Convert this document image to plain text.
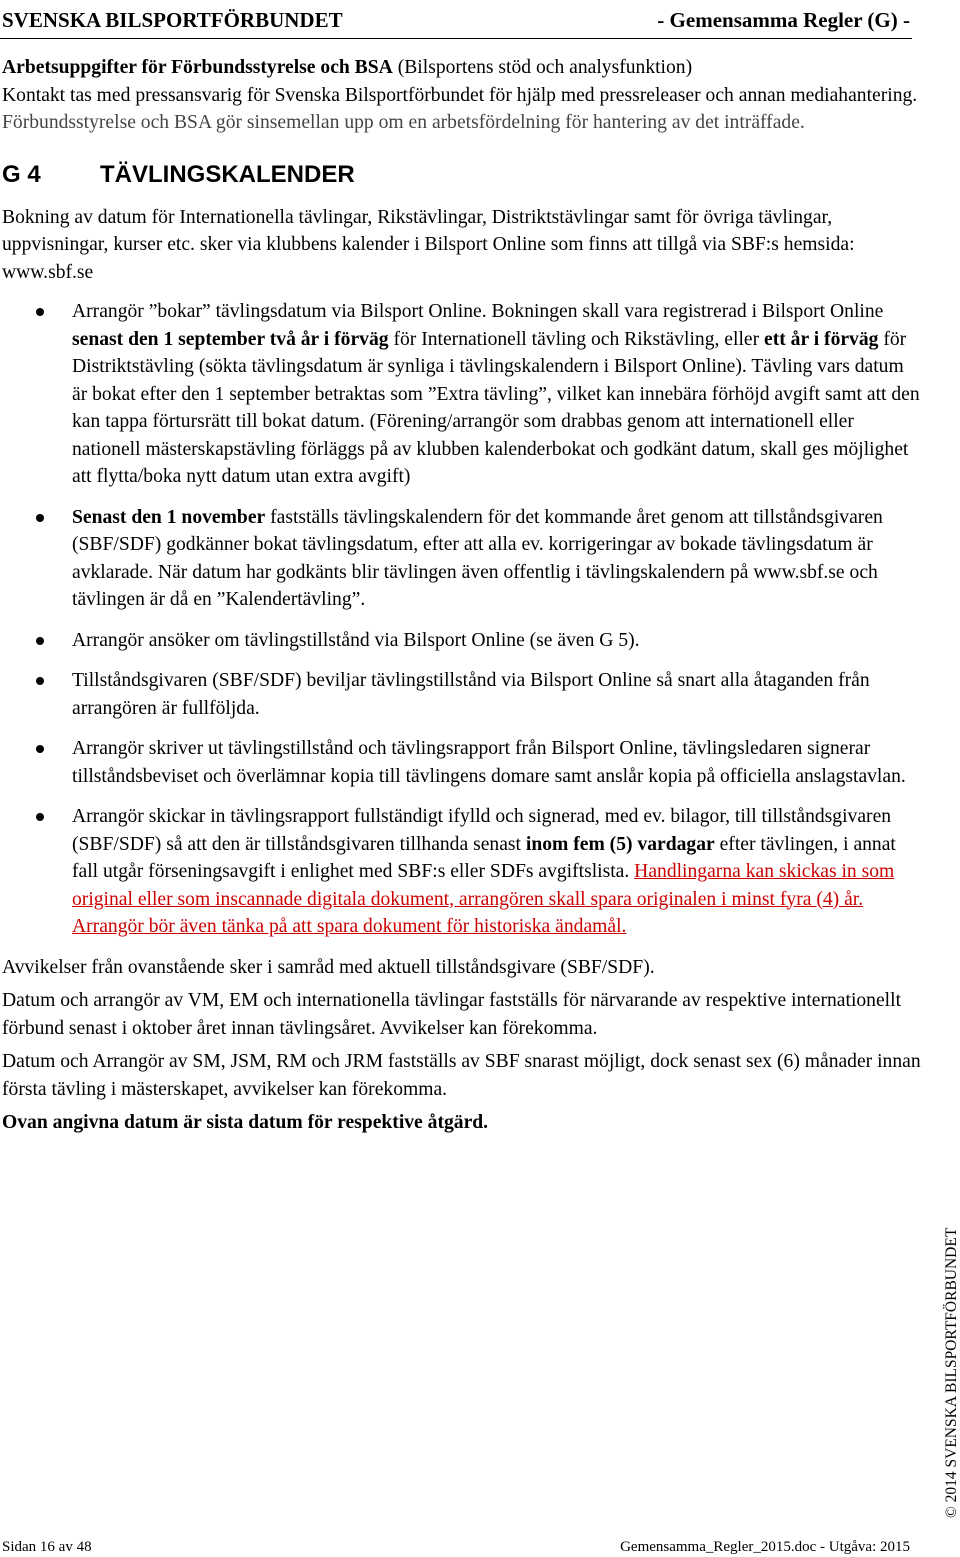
SVENSKA BILSPORTFÖRBUNDET	- Gemensamma Regler (G) -

Arbetsuppgifter för Förbundsstyrelse och BSA (Bilsportens stöd och analysfunktion)
Kontakt tas med pressansvarig för Svenska Bilsportförbundet för hjälp med pressreleaser och annan mediahantering. Förbundsstyrelse och BSA gör sinsemellan upp om en arbetsfördelning för hantering av det inträffade.

G 4 TÄVLINGSKALENDER

Bokning av datum för Internationella tävlingar, Rikstävlingar, Distriktstävlingar samt för övriga tävlingar, uppvisningar, kurser etc. sker via klubbens kalender i Bilsport Online som finns att tillgå via SBF:s hemsida: www.sbf.se

Arrangör ”bokar” tävlingsdatum via Bilsport Online. Bokningen skall vara registrerad i Bilsport Online senast den 1 september två år i förväg för Internationell tävling och Rikstävling, eller ett år i förväg för Distriktstävling (sökta tävlingsdatum är synliga i tävlingskalendern i Bilsport Online). Tävling vars datum är bokat efter den 1 september betraktas som ”Extra tävling”, vilket kan innebära förhöjd avgift samt att den kan tappa förtursrätt till bokat datum. (Förening/arrangör som drabbas genom att internationell eller nationell mästerskapstävling förläggs på av klubben kalenderbokat och godkänt datum, skall ges möjlighet att flytta/boka nytt datum utan extra avgift)
Senast den 1 november fastställs tävlingskalendern för det kommande året genom att tillståndsgivaren (SBF/SDF) godkänner bokat tävlingsdatum, efter att alla ev. korrigeringar av bokade tävlingsdatum är avklarade. När datum har godkänts blir tävlingen även offentlig i tävlingskalendern på www.sbf.se och tävlingen är då en ”Kalendertävling”.
Arrangör ansöker om tävlingstillstånd via Bilsport Online (se även G 5).
Tillståndsgivaren (SBF/SDF) beviljar tävlingstillstånd via Bilsport Online så snart alla åtaganden från arrangören är fullföljda.
Arrangör skriver ut tävlingstillstånd och tävlingsrapport från Bilsport Online, tävlingsledaren signerar tillståndsbeviset och överlämnar kopia till tävlingens domare samt anslår kopia på officiella anslagstavlan.
Arrangör skickar in tävlingsrapport fullständigt ifylld och signerad, med ev. bilagor, till tillståndsgivaren (SBF/SDF) så att den är tillståndsgivaren tillhanda senast inom fem (5) vardagar efter tävlingen, i annat fall utgår förseningsavgift i enlighet med SBF:s eller SDFs avgiftslista. Handlingarna kan skickas in som original eller som inscannade digitala dokument, arrangören skall spara originalen i minst fyra (4) år.
Arrangör bör även tänka på att spara dokument för historiska ändamål.

Avvikelser från ovanstående sker i samråd med aktuell tillståndsgivare (SBF/SDF).

Datum och arrangör av VM, EM och internationella tävlingar fastställs för närvarande av respektive internationellt förbund senast i oktober året innan tävlingsåret. Avvikelser kan förekomma.

Datum och Arrangör av SM, JSM, RM och JRM fastställs av SBF snarast möjligt, dock senast sex (6) månader innan första tävling i mästerskapet, avvikelser kan förekomma.

Ovan angivna datum är sista datum för respektive åtgärd.

© 2014 SVENSKA BILSPORTFÖRBUNDET
Sidan 16 av 48	Gemensamma_Regler_2015.doc - Utgåva: 2015
